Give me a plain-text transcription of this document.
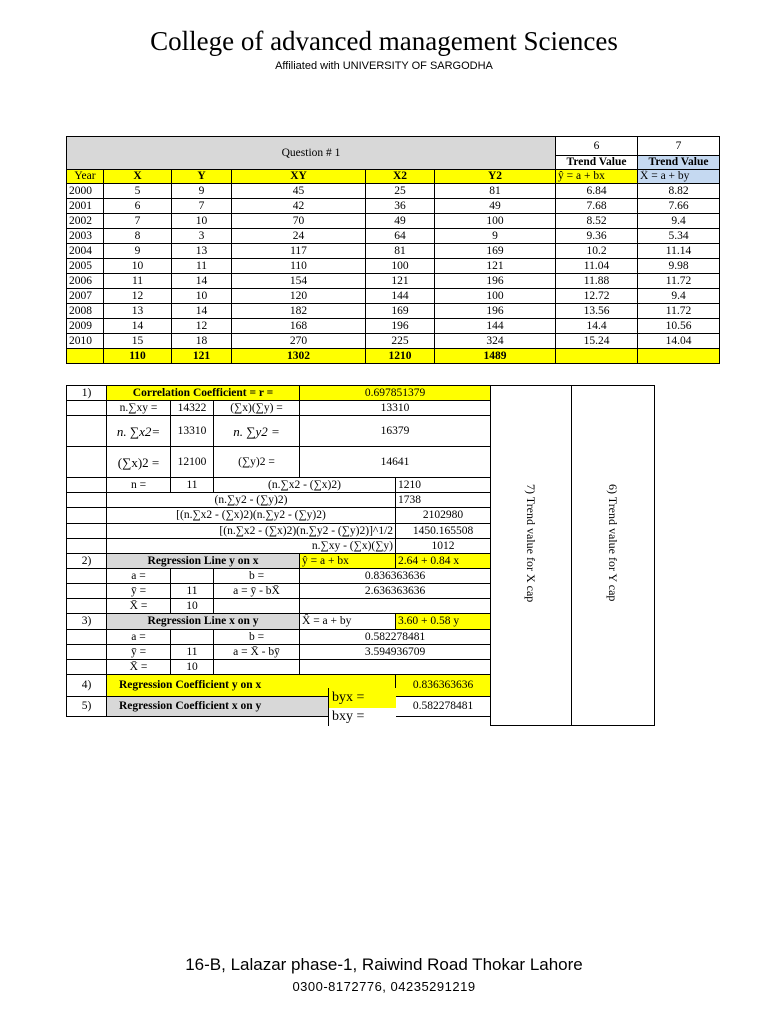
College of advanced management Sciences
Affiliated with UNIVERSITY OF SARGODHA
Question # 1						6	7
						Trend Value	Trend Value
Year	X	Y	XY	X2	Y2	ŷ = a + bx	X̂ = a + by
2000	5	9	45	25	81	6.84	8.82
2001	6	7	42	36	49	7.68	7.66
2002	7	10	70	49	100	8.52	9.4
2003	8	3	24	64	9	9.36	5.34
2004	9	13	117	81	169	10.2	11.14
2005	10	11	110	100	121	11.04	9.98
2006	11	14	154	121	196	11.88	11.72
2007	12	10	120	144	100	12.72	9.4
2008	13	14	182	169	196	13.56	11.72
2009	14	12	168	196	144	14.4	10.56
2010	15	18	270	225	324	15.24	14.04
	110	121	1302	1210	1489		
1)	Correlation Coefficient = r =			0.697851379	
	n.∑xy =	14322	(∑x)(∑y) =	13310	
	n. ∑x2=	13310	n. ∑y2 =	16379	
	(∑x)2 =	12100	(∑y)2 =	14641	
	n =	11	(n.∑x2 - (∑x)2)		1210
	(n.∑y2 - (∑y)2)				1738
	[(n.∑x2 - (∑x)2)(n.∑y2 - (∑y)2)				2102980
	[(n.∑x2 - (∑x)2)(n.∑y2 - (∑y)2)]^1/2				1450.165508
	n.∑xy - (∑x)(∑y)				1012
2)	Regression Line y on x			ŷ = a + bx	2.64 + 0.84 x
	a =		b =	0.836363636	
	ȳ =	11	a = ȳ - bX̄	2.636363636	
	X̄ =	10			
3)	Regression Line x on y			X̂ = a + by	3.60 + 0.58 y
	a =		b =	0.582278481	
	ȳ =	11	a = X̄ - bȳ	3.594936709	
	X̄ =	10			
4)	Regression Coefficient y on x				0.836363636
5)	Regression Coefficient x on y				0.582278481
byx =
bxy =
7) Trend value for X cap	6) Trend value for Y cap
16-B, Lalazar phase-1, Raiwind Road Thokar Lahore
0300-8172776, 04235291219
